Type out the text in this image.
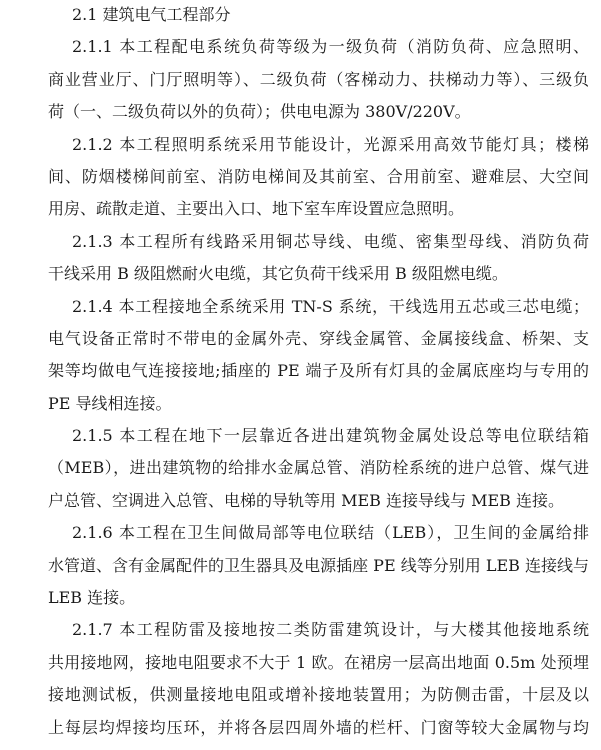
2.1 建筑电气工程部分
2.1.1 本工程配电系统负荷等级为一级负荷（消防负荷、应急照明、
商业营业厅、门厅照明等）、二级负荷（客梯动力、扶梯动力等）、三级负
荷（一、二级负荷以外的负荷）；供电电源为 380V/220V。
2.1.2 本工程照明系统采用节能设计，光源采用高效节能灯具；楼梯
间、防烟楼梯间前室、消防电梯间及其前室、合用前室、避难层、大空间
用房、疏散走道、主要出入口、地下室车库设置应急照明。
2.1.3 本工程所有线路采用铜芯导线、电缆、密集型母线、消防负荷
干线采用 B 级阻燃耐火电缆，其它负荷干线采用 B 级阻燃电缆。
2.1.4 本工程接地全系统采用 TN-S 系统，干线选用五芯或三芯电缆；
电气设备正常时不带电的金属外壳、穿线金属管、金属接线盒、桥架、支
架等均做电气连接接地;插座的 PE 端子及所有灯具的金属底座均与专用的
PE 导线相连接。
2.1.5 本工程在地下一层靠近各进出建筑物金属处设总等电位联结箱
（MEB），进出建筑物的给排水金属总管、消防栓系统的进户总管、煤气进
户总管、空调进入总管、电梯的导轨等用 MEB 连接导线与 MEB 连接。
2.1.6 本工程在卫生间做局部等电位联结（LEB），卫生间的金属给排
水管道、含有金属配件的卫生器具及电源插座 PE 线等分别用 LEB 连接线与
LEB 连接。
2.1.7 本工程防雷及接地按二类防雷建筑设计，与大楼其他接地系统
共用接地网，接地电阻要求不大于 1 欧。在裙房一层高出地面 0.5m 处预埋
接地测试板，供测量接地电阻或增补接地装置用；为防侧击雷，十层及以
上每层均焊接均压环，并将各层四周外墙的栏杆、门窗等较大金属物与均
